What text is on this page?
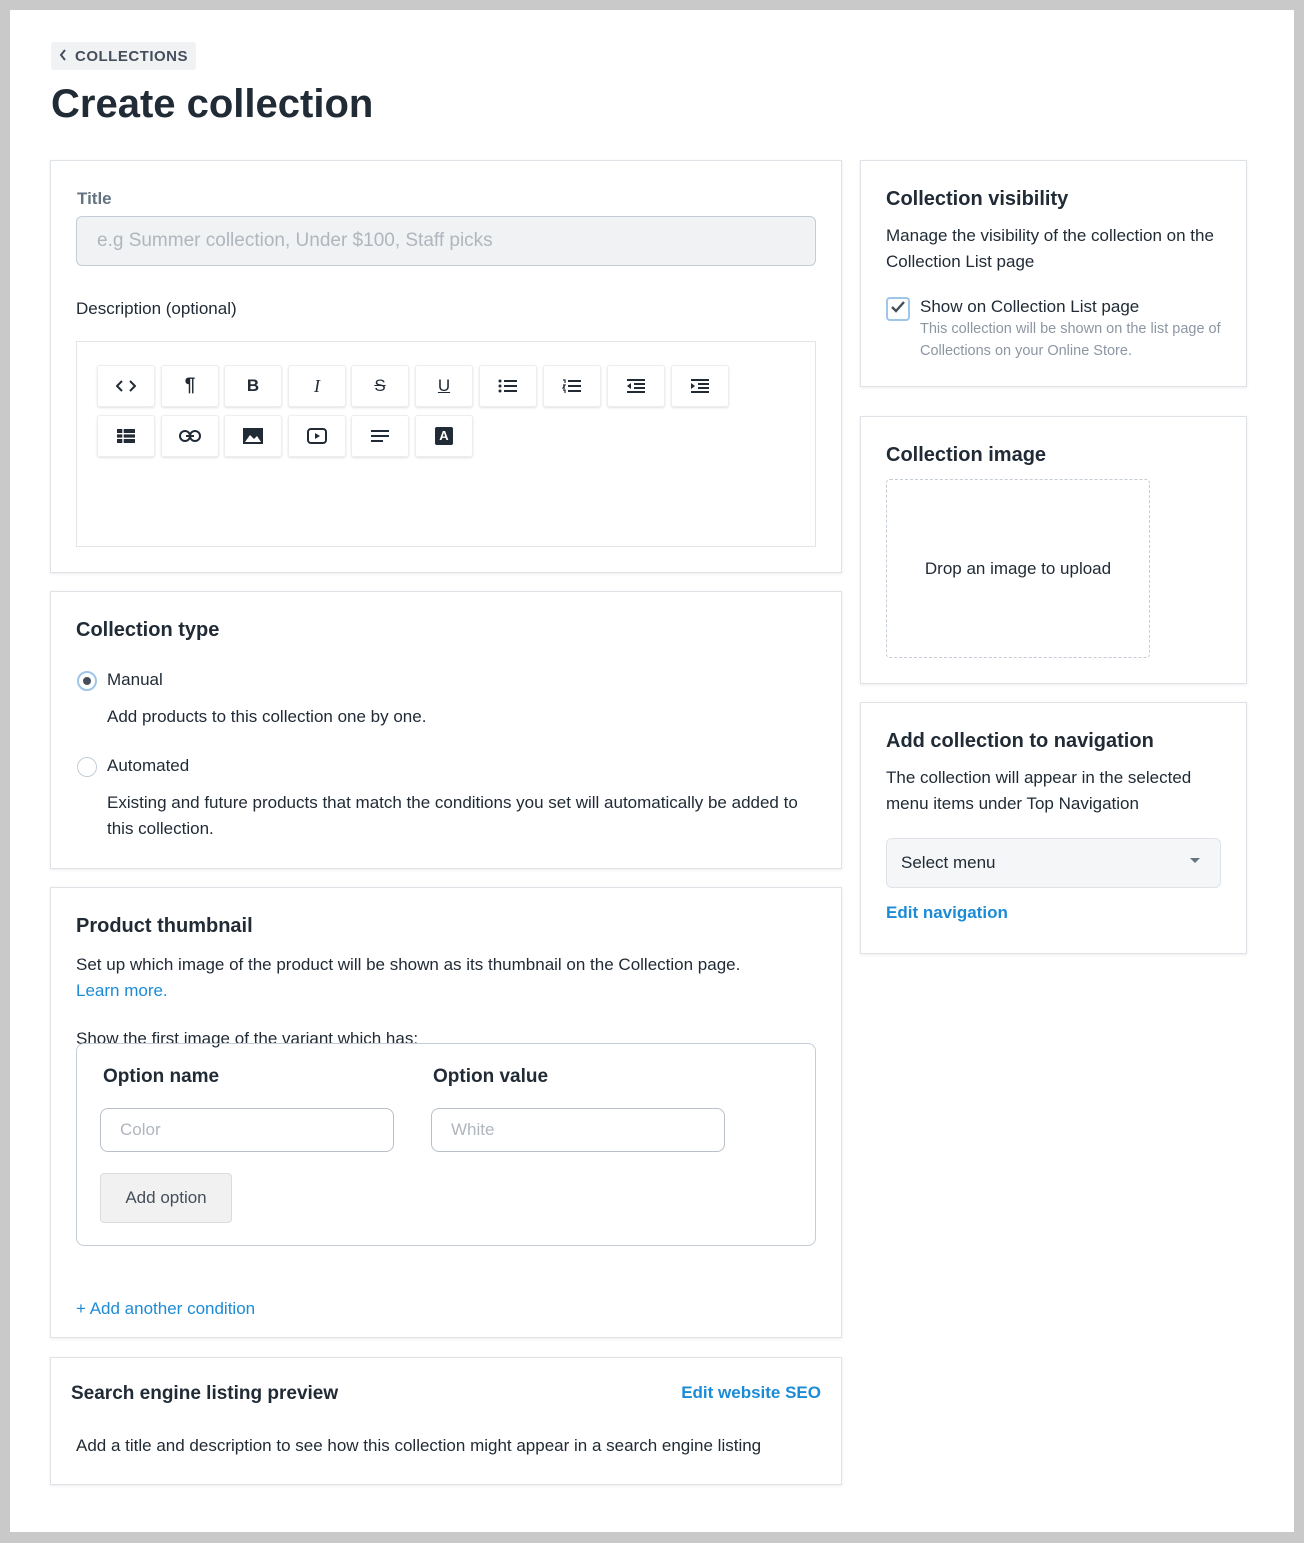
COLLECTIONS
Create collection
Title
e.g Summer collection, Under $100, Staff picks
Description (optional)
¶	B	I	S	U
A
Collection type
Manual
Add products to this collection one by one.
Automated
Existing and future products that match the conditions you set will automatically be added to this collection.
Product thumbnail
Set up which image of the product will be shown as its thumbnail on the Collection page.
Learn more.
Show the first image of the variant which has:
Option name	Option value
Color
White
Add option
+ Add another condition
Search engine listing preview	Edit website SEO
Add a title and description to see how this collection might appear in a search engine listing
Collection visibility
Manage the visibility of the collection on the Collection List page
Show on Collection List page
This collection will be shown on the list page of Collections on your Online Store.
Collection image
Drop an image to upload
Add collection to navigation
The collection will appear in the selected menu items under Top Navigation
Select menu
Edit navigation
